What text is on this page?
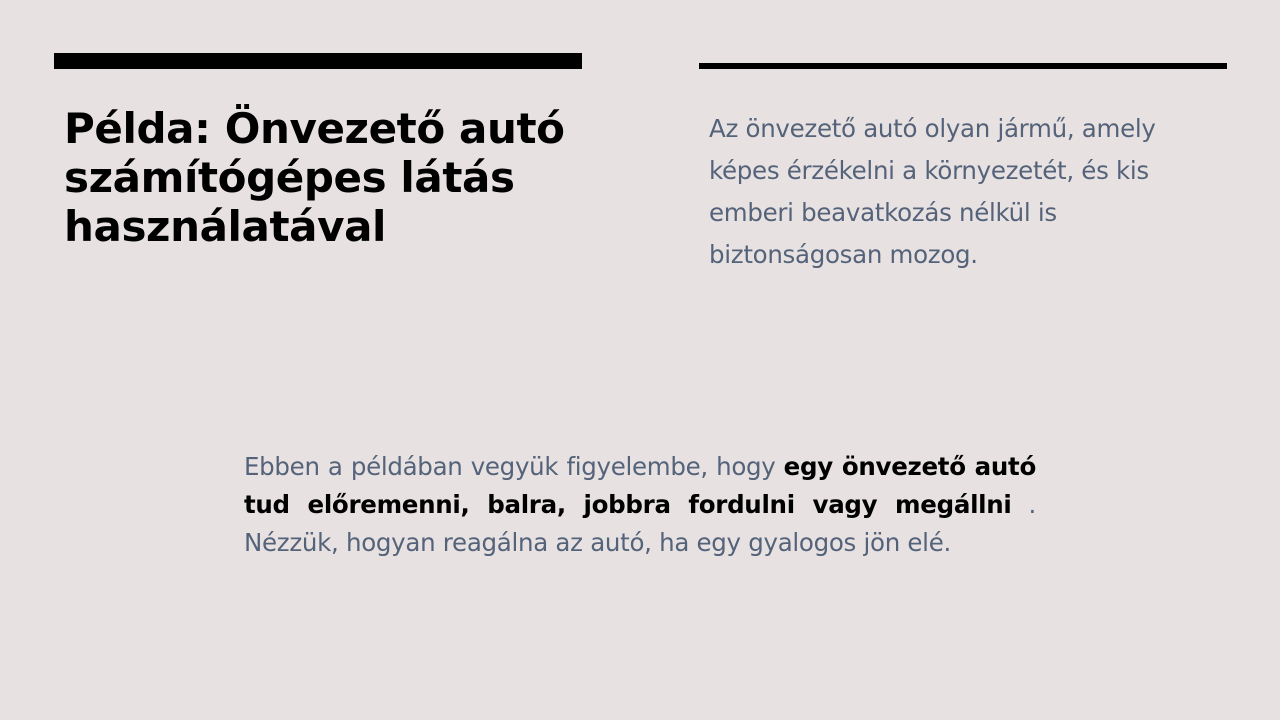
Példa: Önvezető autó számítógépes látás használatával

Az önvezető autó olyan jármű, amely képes érzékelni a környezetét, és kis emberi beavatkozás nélkül is biztonságosan mozog.

Ebben a példában vegyük figyelembe, hogy egy önvezető autó tud előremenni, balra, jobbra fordulni vagy megállni . Nézzük, hogyan reagálna az autó, ha egy gyalogos jön elé.
